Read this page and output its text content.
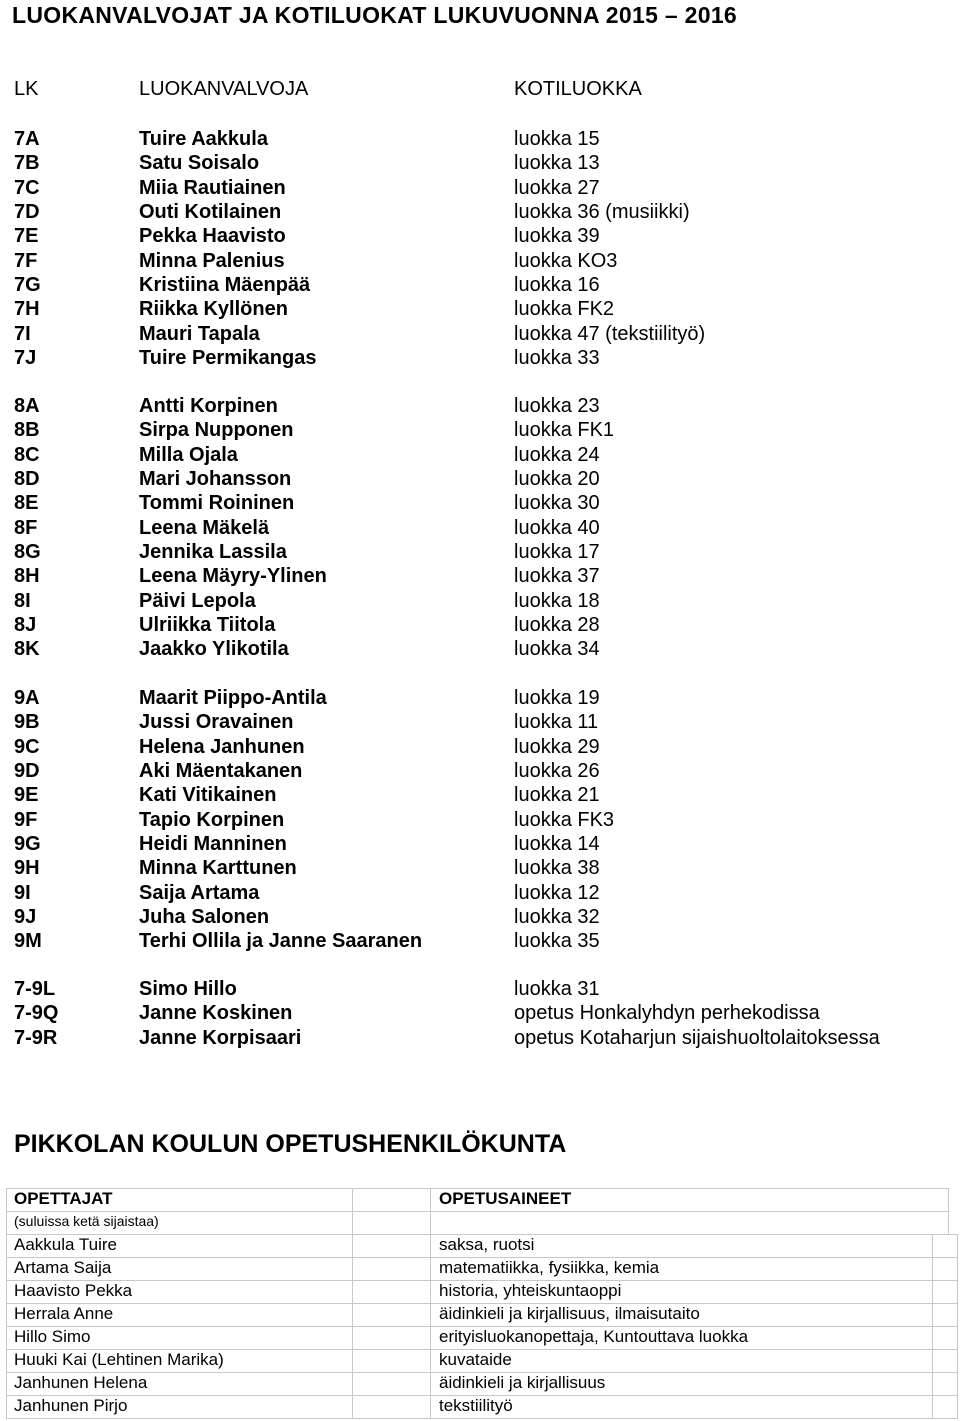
LUOKANVALVOJAT JA KOTILUOKAT LUKUVUONNA 2015 – 2016
LK	LUOKANVALVOJA	KOTILUOKKA
7A	Tuire Aakkula	luokka 15
7B	Satu Soisalo	luokka 13
7C	Miia Rautiainen	luokka 27
7D	Outi Kotilainen	luokka 36 (musiikki)
7E	Pekka Haavisto	luokka 39
7F	Minna Palenius	luokka KO3
7G	Kristiina Mäenpää	luokka 16
7H	Riikka Kyllönen	luokka FK2
7I	Mauri Tapala	luokka 47 (tekstiilityö)
7J	Tuire Permikangas	luokka 33
8A	Antti Korpinen	luokka 23
8B	Sirpa Nupponen	luokka FK1
8C	Milla Ojala	luokka 24
8D	Mari Johansson	luokka 20
8E	Tommi Roininen	luokka 30
8F	Leena Mäkelä	luokka 40
8G	Jennika Lassila	luokka 17
8H	Leena Mäyry-Ylinen	luokka 37
8I	Päivi Lepola	luokka 18
8J	Ulriikka Tiitola	luokka 28
8K	Jaakko Ylikotila	luokka 34
9A	Maarit Piippo-Antila	luokka 19
9B	Jussi Oravainen	luokka 11
9C	Helena Janhunen	luokka 29
9D	Aki Mäentakanen	luokka 26
9E	Kati Vitikainen	luokka 21
9F	Tapio Korpinen	luokka FK3
9G	Heidi Manninen	luokka 14
9H	Minna Karttunen	luokka 38
9I	Saija Artama	luokka 12
9J	Juha Salonen	luokka 32
9M	Terhi Ollila ja Janne Saaranen	luokka 35
7-9L	Simo Hillo	luokka 31
7-9Q	Janne Koskinen	opetus Honkalyhdyn perhekodissa
7-9R	Janne Korpisaari	opetus Kotaharjun sijaishuoltolaitoksessa
PIKKOLAN KOULUN OPETUSHENKILÖKUNTA
OPETTAJAT	OPETUSAINEET
(suluissa ketä sijaistaa)
Aakkula Tuire	saksa, ruotsi
Artama Saija	matematiikka, fysiikka, kemia
Haavisto Pekka	historia, yhteiskuntaoppi
Herrala Anne	äidinkieli ja kirjallisuus, ilmaisutaito
Hillo Simo	erityisluokanopettaja, Kuntouttava luokka
Huuki Kai (Lehtinen Marika)	kuvataide
Janhunen Helena	äidinkieli ja kirjallisuus
Janhunen Pirjo	tekstiilityö
